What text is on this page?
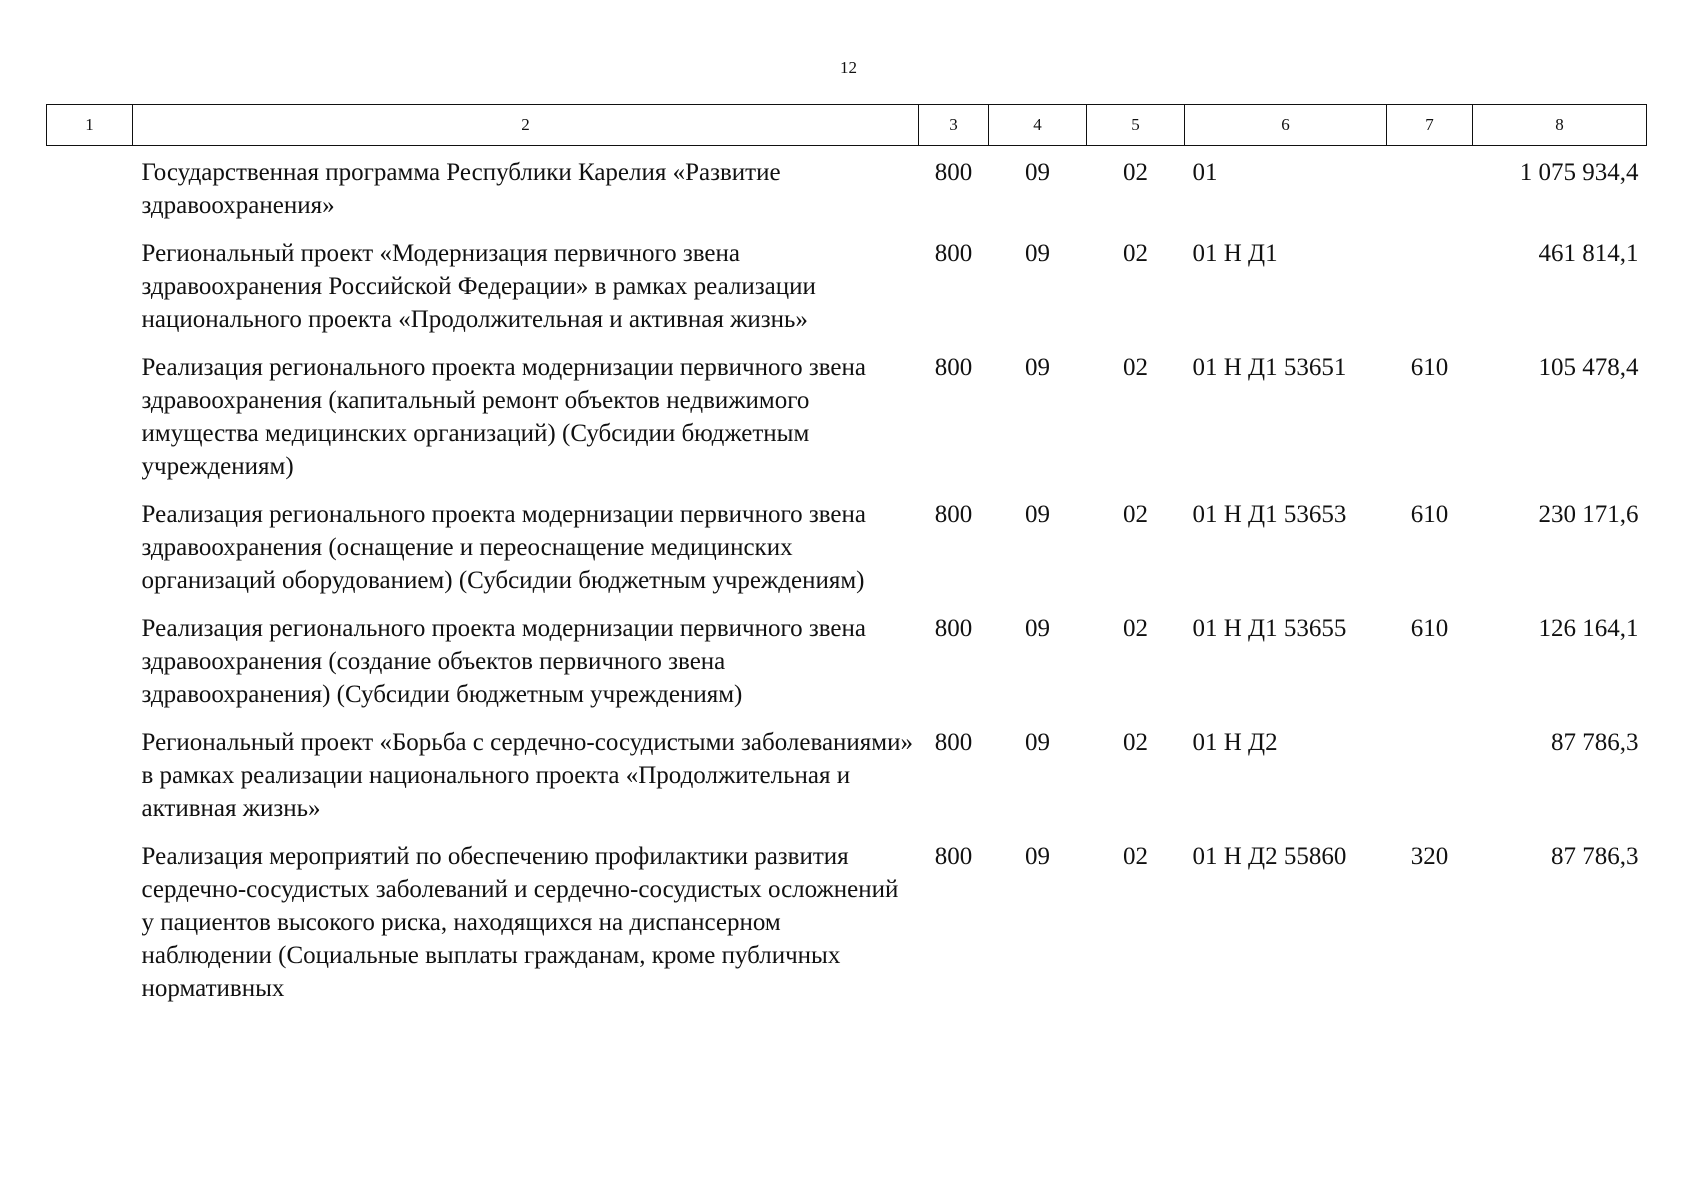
12
1	2	3	4	5	6	7	8
	Государственная программа Республики Карелия «Развитие здравоохранения»	800	09	02	01		1 075 934,4
	Региональный проект «Модернизация первичного звена здравоохранения Российской Федерации» в рамках реализации национального проекта «Продолжительная и активная жизнь»	800	09	02	01 Н Д1		461 814,1
	Реализация регионального проекта модернизации первичного звена здравоохранения (капитальный ремонт объектов недвижимого имущества медицинских организаций) (Субсидии бюджетным учреждениям)	800	09	02	01 Н Д1 53651	610	105 478,4
	Реализация регионального проекта модернизации первичного звена здравоохранения (оснащение и переоснащение медицинских организаций оборудованием) (Субсидии бюджетным учреждениям)	800	09	02	01 Н Д1 53653	610	230 171,6
	Реализация регионального проекта модернизации первичного звена здравоохранения (создание объектов первичного звена здравоохранения) (Субсидии бюджетным учреждениям)	800	09	02	01 Н Д1 53655	610	126 164,1
	Региональный проект «Борьба с сердечно-сосудистыми заболеваниями» в рамках реализации национального проекта «Продолжительная и активная жизнь»	800	09	02	01 Н Д2		87 786,3
	Реализация мероприятий по обеспечению профилактики развития сердечно-сосудистых заболеваний и сердечно-сосудистых осложнений у пациентов высокого риска, находящихся на диспансерном наблюдении (Социальные выплаты гражданам, кроме публичных нормативных	800	09	02	01 Н Д2 55860	320	87 786,3
